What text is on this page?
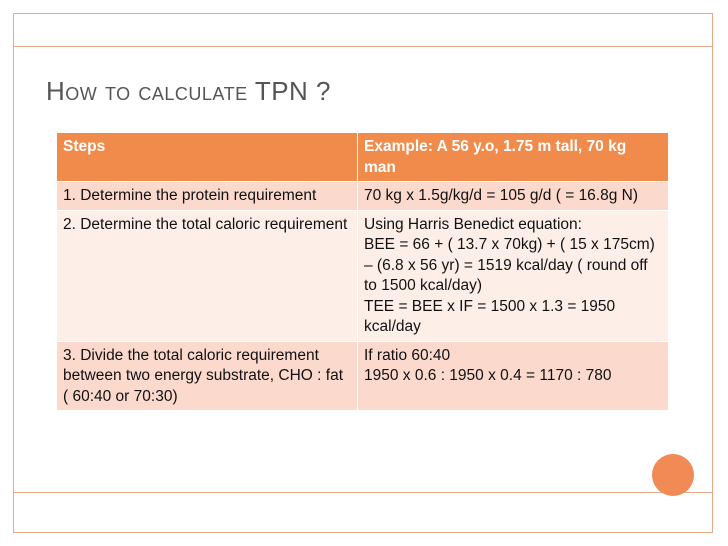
How to calculate TPN ?
Steps	Example: A 56 y.o, 1.75 m tall, 70 kg man
1. Determine the protein requirement	70 kg x 1.5g/kg/d = 105 g/d ( = 16.8g N)

2. Determine the total caloric requirement	Using Harris Benedict equation:
BEE = 66 + ( 13.7 x 70kg) + ( 15 x 175cm) – (6.8 x 56 yr) = 1519 kcal/day ( round off to 1500 kcal/day)
TEE = BEE x IF = 1500 x 1.3 = 1950 kcal/day

3. Divide the total caloric requirement between two energy substrate, CHO : fat ( 60:40 or 70:30)	If ratio 60:40
1950 x 0.6 : 1950 x 0.4 = 1170 : 780
